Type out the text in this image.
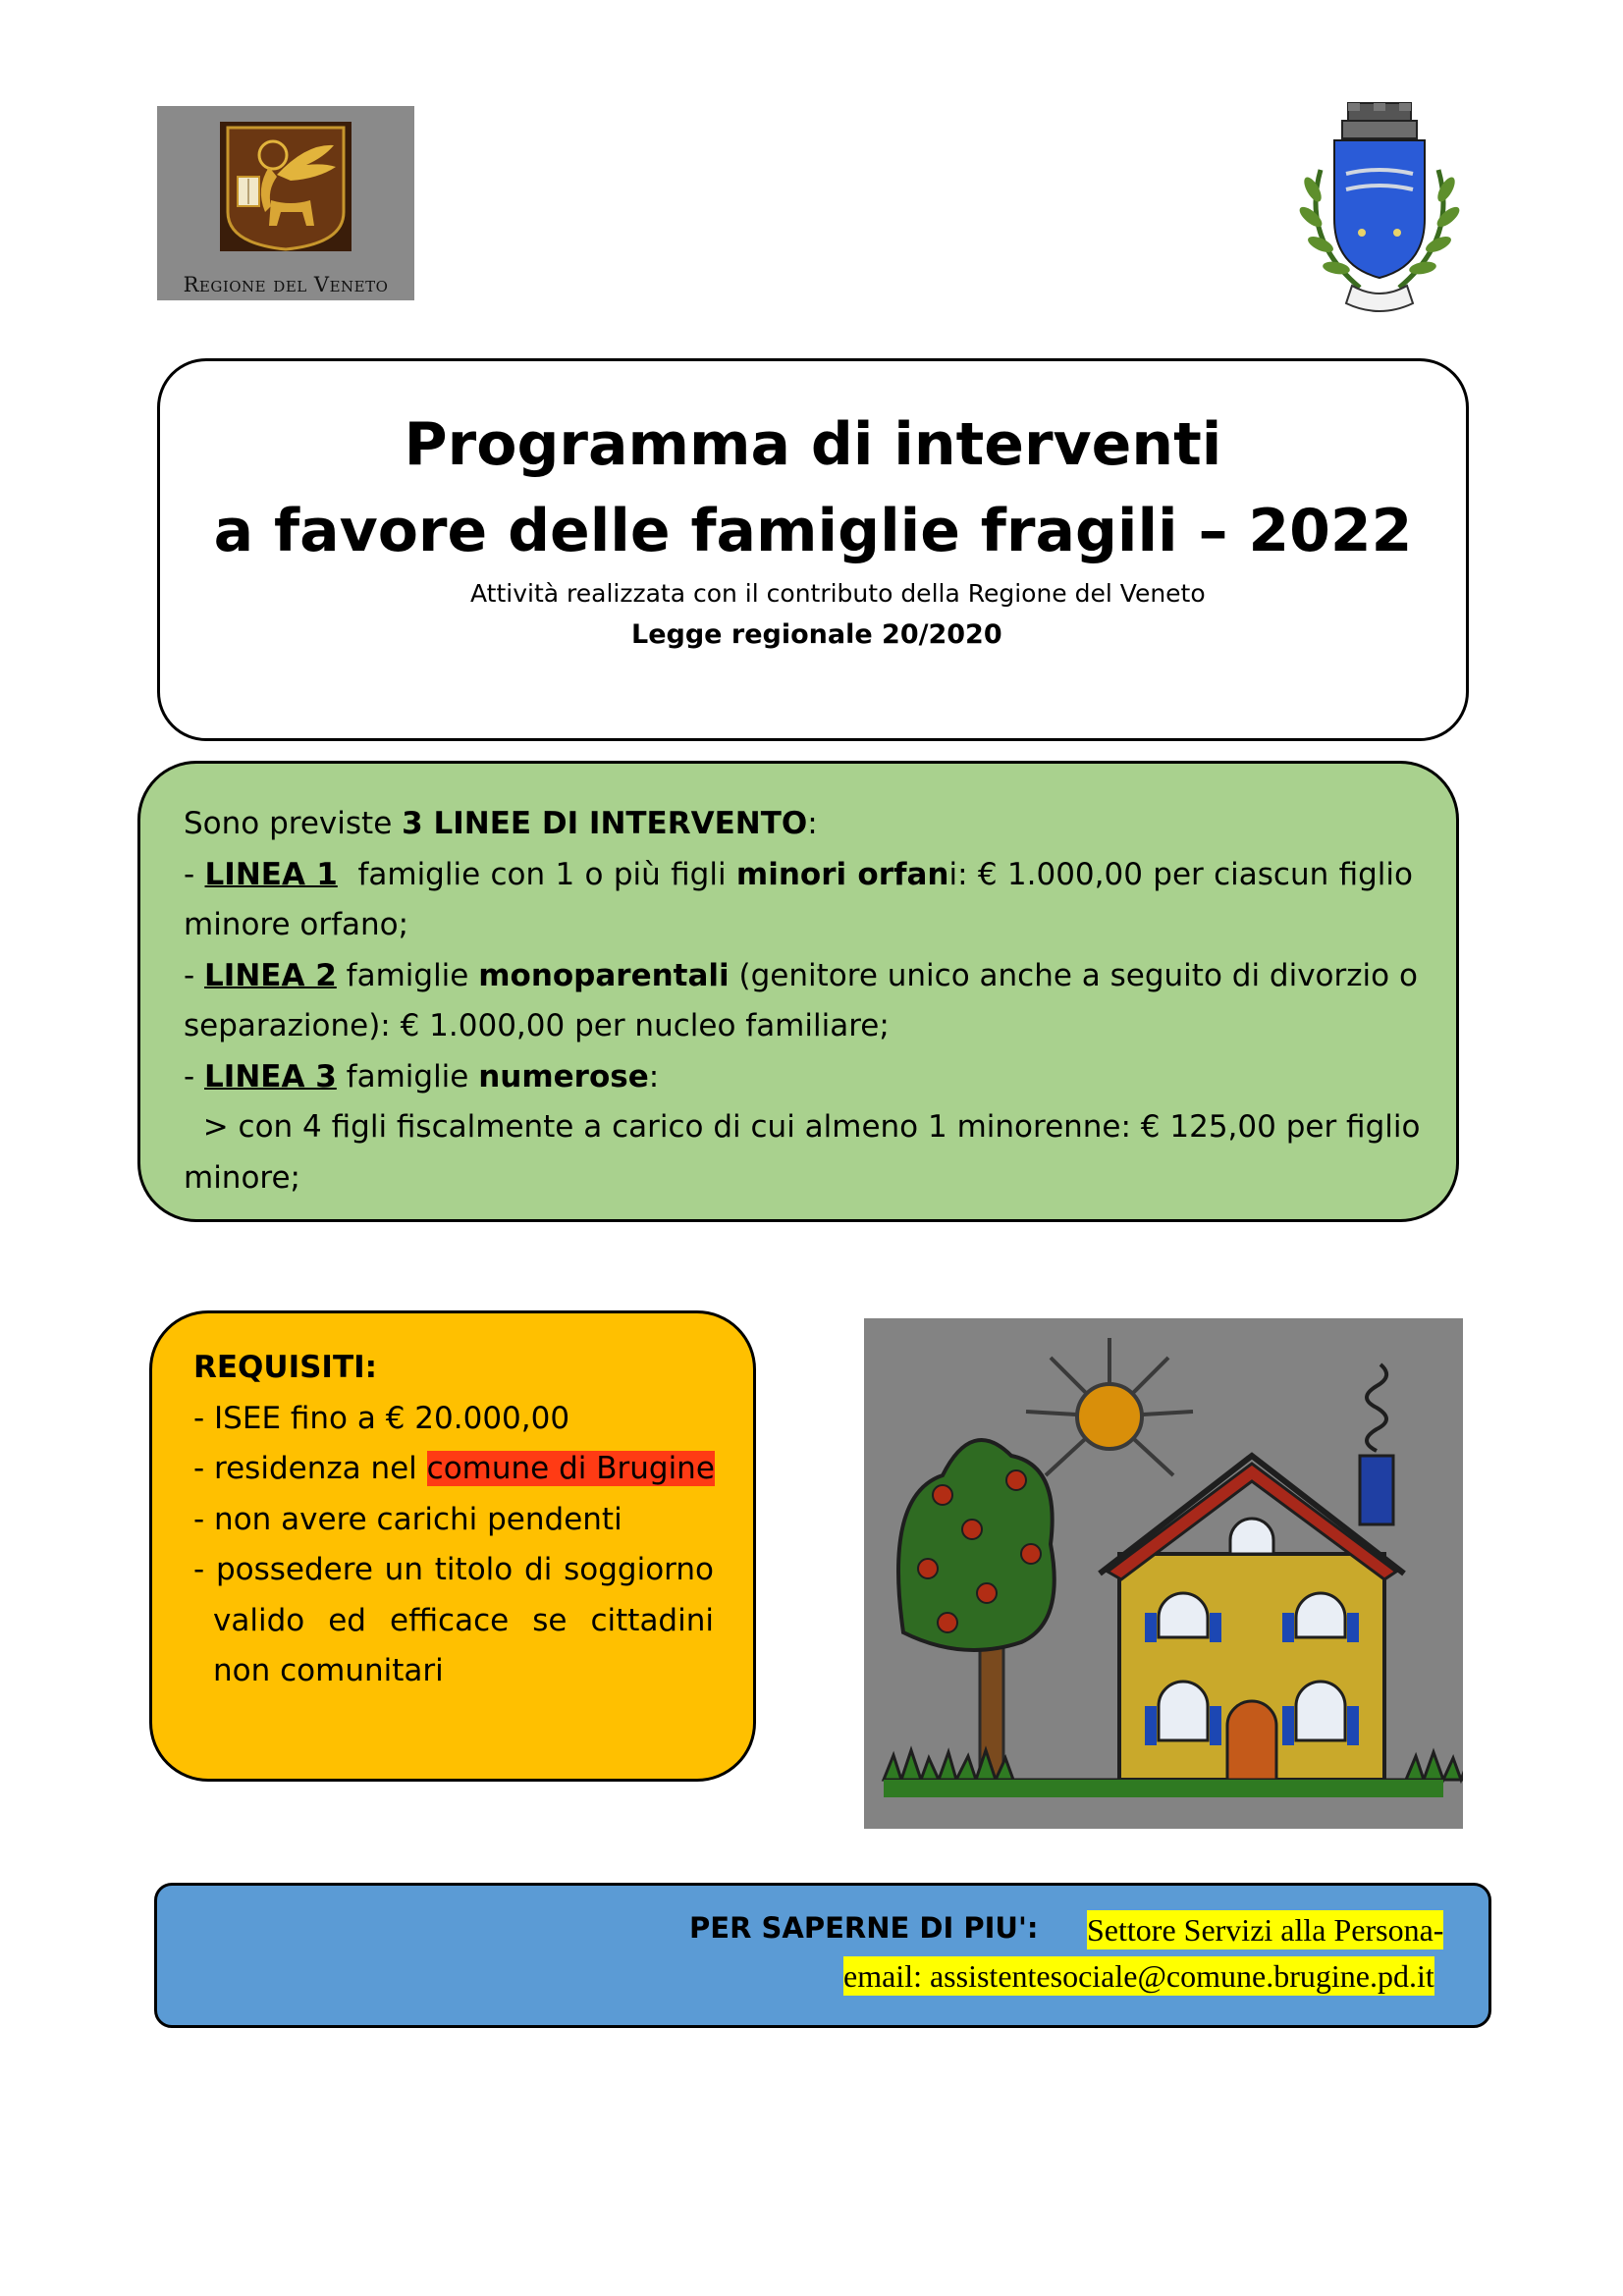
Regione del Veneto
Programma di interventi
a favore delle famiglie fragili – 2022
Attività realizzata con il contributo della Regione del Veneto
Legge regionale 20/2020
Sono previste 3 LINEE DI INTERVENTO:
- LINEA 1  famiglie con 1 o più figli minori orfani: € 1.000,00 per ciascun figlio
minore orfano;
- LINEA 2 famiglie monoparentali (genitore unico anche a seguito di divorzio o
separazione): € 1.000,00 per nucleo familiare;
- LINEA 3 famiglie numerose:
> con 4 figli fiscalmente a carico di cui almeno 1 minorenne: € 125,00 per figlio
minore;
REQUISITI:
- ISEE fino a € 20.000,00
- residenza nel comune di Brugine
- non avere carichi pendenti
- possedere un titolo di soggiorno
valido ed efficace se cittadini
non comunitari
PER SAPERNE DI PIU': Settore Servizi alla Persona-
email: assistentesociale@comune.brugine.pd.it
